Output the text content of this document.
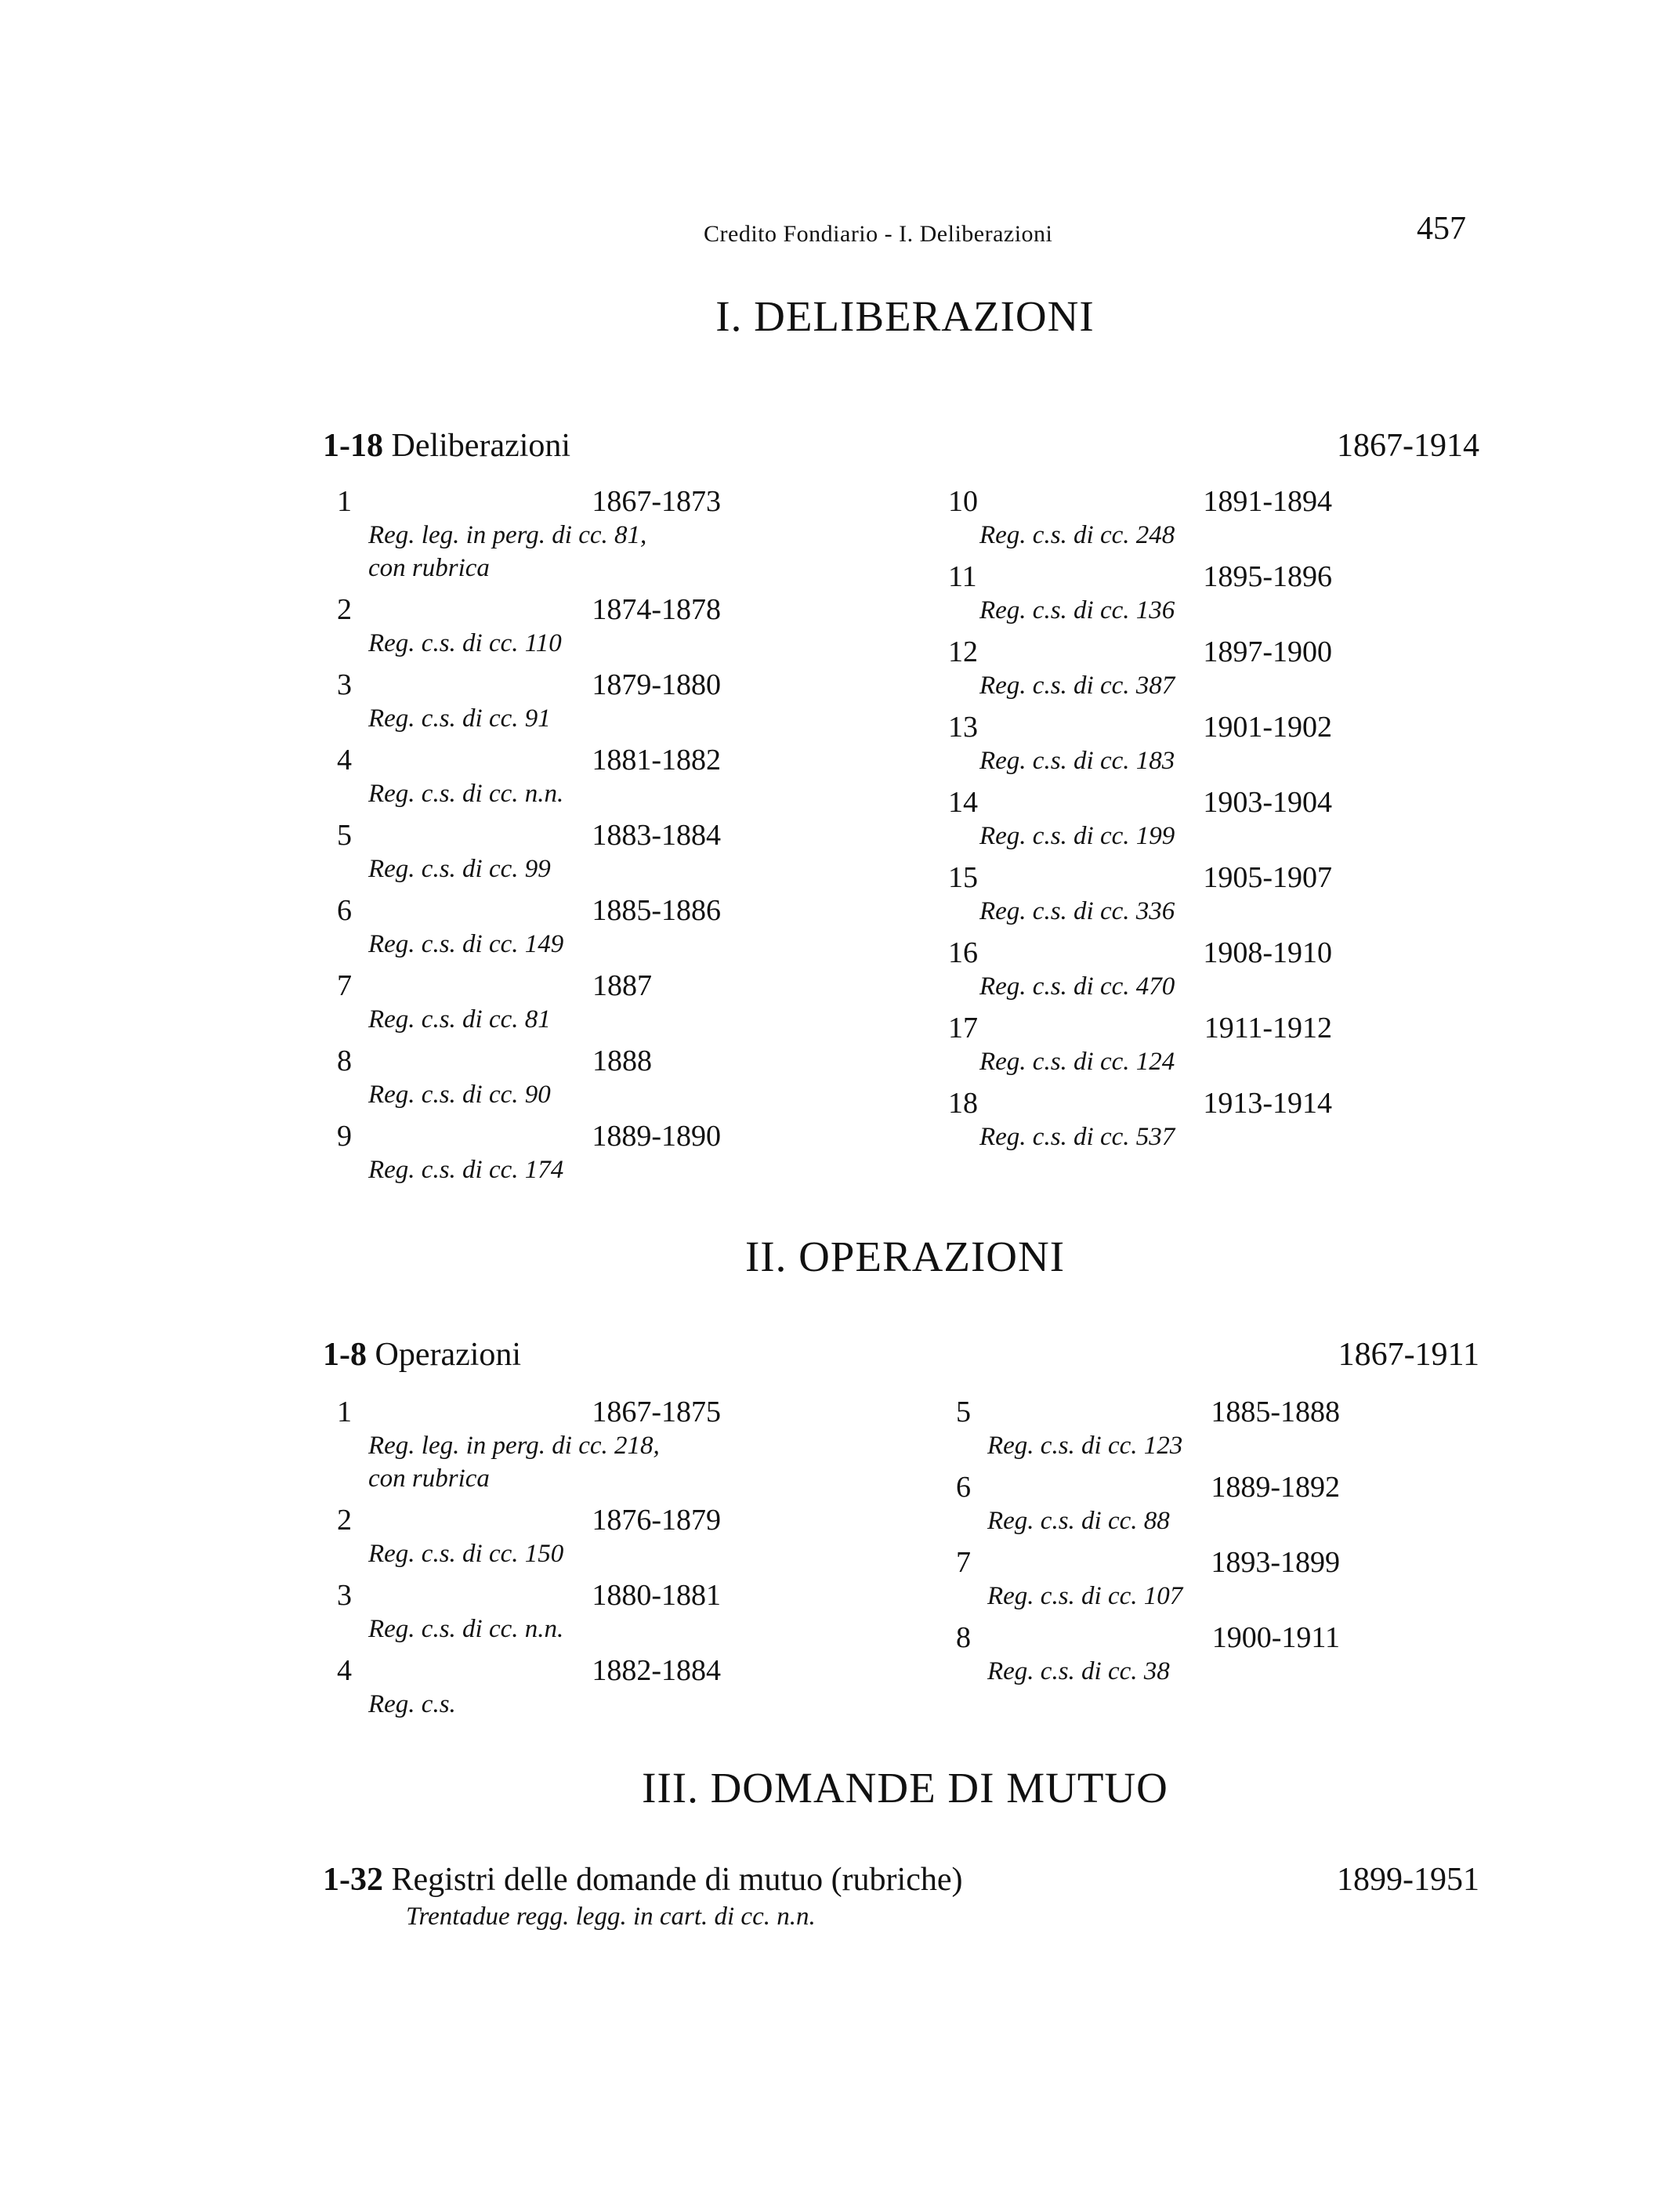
Credito Fondiario - I. Deliberazioni	457
I. DELIBERAZIONI
1-18 Deliberazioni	1867-1914
1	1867-1873
Reg. leg. in perg. di cc. 81, con rubrica
2	1874-1878
Reg. c.s. di cc. 110
3	1879-1880
Reg. c.s. di cc. 91
4	1881-1882
Reg. c.s. di cc. n.n.
5	1883-1884
Reg. c.s. di cc. 99
6	1885-1886
Reg. c.s. di cc. 149
7	1887
Reg. c.s. di cc. 81
8	1888
Reg. c.s. di cc. 90
9	1889-1890
Reg. c.s. di cc. 174
10	1891-1894
Reg. c.s. di cc. 248
11	1895-1896
Reg. c.s. di cc. 136
12	1897-1900
Reg. c.s. di cc. 387
13	1901-1902
Reg. c.s. di cc. 183
14	1903-1904
Reg. c.s. di cc. 199
15	1905-1907
Reg. c.s. di cc. 336
16	1908-1910
Reg. c.s. di cc. 470
17	1911-1912
Reg. c.s. di cc. 124
18	1913-1914
Reg. c.s. di cc. 537
II. OPERAZIONI
1-8 Operazioni	1867-1911
1	1867-1875
Reg. leg. in perg. di cc. 218, con rubrica
2	1876-1879
Reg. c.s. di cc. 150
3	1880-1881
Reg. c.s. di cc. n.n.
4	1882-1884
Reg. c.s.
5	1885-1888
Reg. c.s. di cc. 123
6	1889-1892
Reg. c.s. di cc. 88
7	1893-1899
Reg. c.s. di cc. 107
8	1900-1911
Reg. c.s. di cc. 38
III. DOMANDE DI MUTUO
1-32 Registri delle domande di mutuo (rubriche)	1899-1951
Trentadue regg. legg. in cart. di cc. n.n.
